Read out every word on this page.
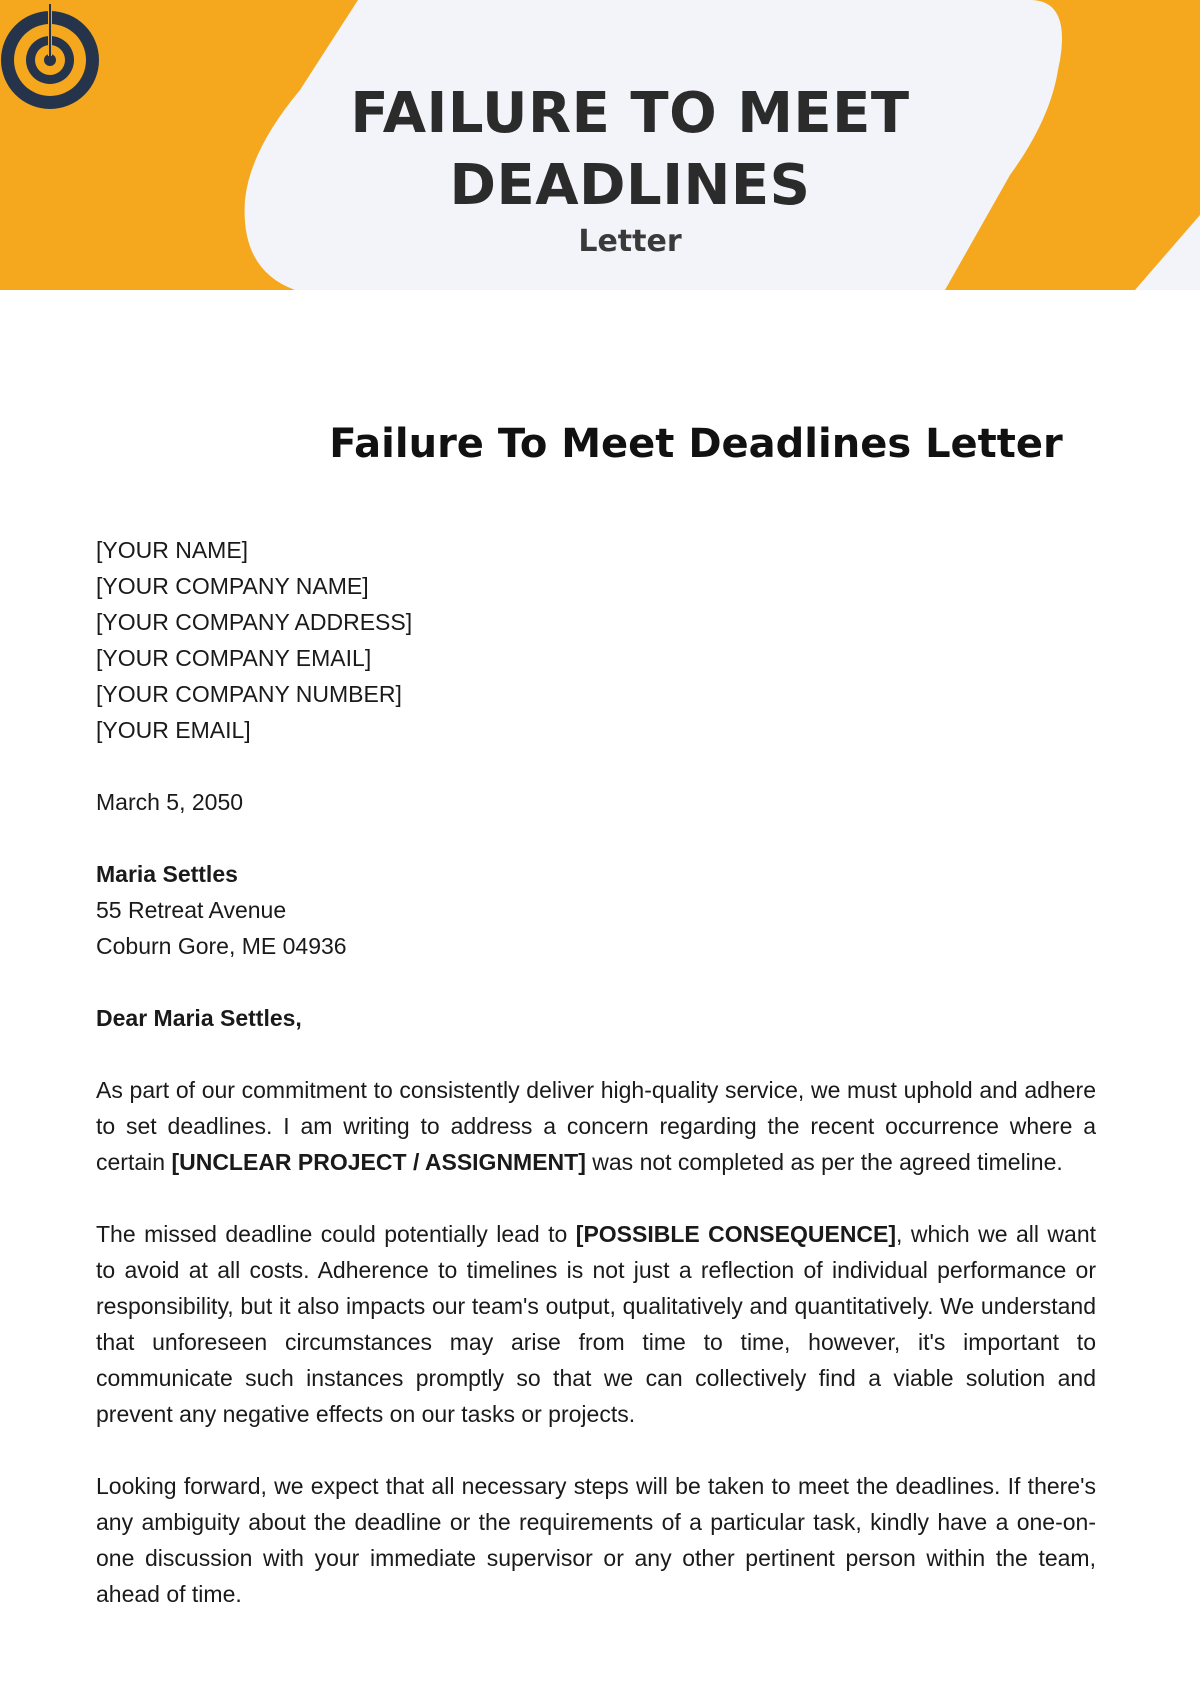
FAILURE TO MEET
DEADLINES
Letter
Failure To Meet Deadlines Letter
[YOUR NAME]
[YOUR COMPANY NAME]
[YOUR COMPANY ADDRESS]
[YOUR COMPANY EMAIL]
[YOUR COMPANY NUMBER]
[YOUR EMAIL]
March 5, 2050
Maria Settles
55 Retreat Avenue
Coburn Gore, ME 04936
Dear Maria Settles,

As part of our commitment to consistently deliver high-quality service, we must uphold and adhere to set deadlines. I am writing to address a concern regarding the recent occurrence where a certain [UNCLEAR PROJECT / ASSIGNMENT] was not completed as per the agreed timeline.

The missed deadline could potentially lead to [POSSIBLE CONSEQUENCE], which we all want to avoid at all costs. Adherence to timelines is not just a reflection of individual performance or responsibility, but it also impacts our team's output, qualitatively and quantitatively. We understand that unforeseen circumstances may arise from time to time, however, it's important to communicate such instances promptly so that we can collectively find a viable solution and prevent any negative effects on our tasks or projects.

Looking forward, we expect that all necessary steps will be taken to meet the deadlines. If there's any ambiguity about the deadline or the requirements of a particular task, kindly have a one-on-one discussion with your immediate supervisor or any other pertinent person within the team, ahead of time.
